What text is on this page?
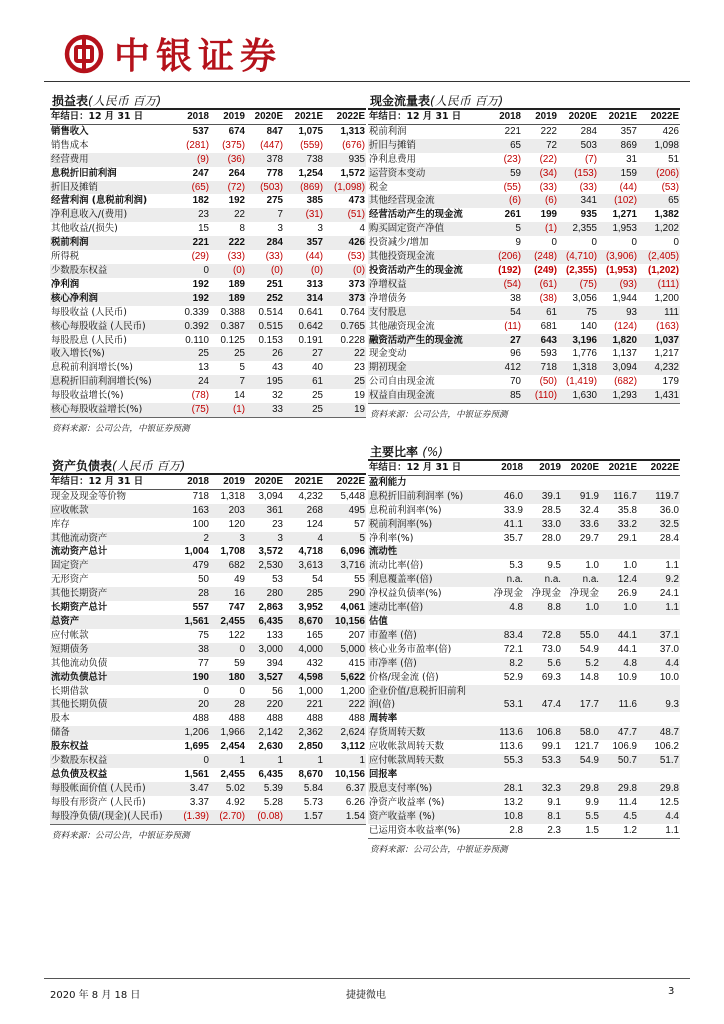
中银证券
损益表(人民币 百万)
年结日：12 月 31 日	2018	2019	2020E	2021E	2022E
销售收入	537	674	847	1,075	1,313
销售成本	(281)	(375)	(447)	(559)	(676)
经营费用	(9)	(36)	378	738	935
息税折旧前利润	247	264	778	1,254	1,572
折旧及摊销	(65)	(72)	(503)	(869)	(1,098)
经营利润 (息税前利润)	182	192	275	385	473
净利息收入/(费用)	23	22	7	(31)	(51)
其他收益/(损失)	15	8	3	3	4
税前利润	221	222	284	357	426
所得税	(29)	(33)	(33)	(44)	(53)
少数股东权益	0	(0)	(0)	(0)	(0)
净利润	192	189	251	313	373
核心净利润	192	189	252	314	373
每股收益 (人民币)	0.339	0.388	0.514	0.641	0.764
核心每股收益 (人民币)	0.392	0.387	0.515	0.642	0.765
每股股息 (人民币)	0.110	0.125	0.153	0.191	0.228
收入增长(%)	25	25	26	27	22
息税前利润增长(%)	13	5	43	40	23
息税折旧前利润增长(%)	24	7	195	61	25
每股收益增长(%)	(78)	14	32	25	19
核心每股收益增长(%)	(75)	(1)	33	25	19
资料来源：公司公告，中银证券预测
资产负债表(人民币 百万)
年结日：12 月 31 日	2018	2019	2020E	2021E	2022E
现金及现金等价物	718	1,318	3,094	4,232	5,448
应收帐款	163	203	361	268	495
库存	100	120	23	124	57
其他流动资产	2	3	3	4	5
流动资产总计	1,004	1,708	3,572	4,718	6,096
固定资产	479	682	2,530	3,613	3,716
无形资产	50	49	53	54	55
其他长期资产	28	16	280	285	290
长期资产总计	557	747	2,863	3,952	4,061
总资产	1,561	2,455	6,435	8,670	10,156
应付帐款	75	122	133	165	207
短期债务	38	0	3,000	4,000	5,000
其他流动负债	77	59	394	432	415
流动负债总计	190	180	3,527	4,598	5,622
长期借款	0	0	56	1,000	1,200
其他长期负债	20	28	220	221	222
股本	488	488	488	488	488
储备	1,206	1,966	2,142	2,362	2,624
股东权益	1,695	2,454	2,630	2,850	3,112
少数股东权益	0	1	1	1	1
总负债及权益	1,561	2,455	6,435	8,670	10,156
每股帐面价值 (人民币)	3.47	5.02	5.39	5.84	6.37
每股有形资产 (人民币)	3.37	4.92	5.28	5.73	6.26
每股净负债/(现金)(人民币)	(1.39)	(2.70)	(0.08)	1.57	1.54
资料来源：公司公告，中银证券预测
现金流量表(人民币 百万)
年结日：12 月 31 日	2018	2019	2020E	2021E	2022E
税前利润	221	222	284	357	426
折旧与摊销	65	72	503	869	1,098
净利息费用	(23)	(22)	(7)	31	51
运营资本变动	59	(34)	(153)	159	(206)
税金	(55)	(33)	(33)	(44)	(53)
其他经营现金流	(6)	(6)	341	(102)	65
经营活动产生的现金流	261	199	935	1,271	1,382
购买固定资产净值	5	(1)	2,355	1,953	1,202
投资减少/增加	9	0	0	0	0
其他投资现金流	(206)	(248)	(4,710)	(3,906)	(2,405)
投资活动产生的现金流	(192)	(249)	(2,355)	(1,953)	(1,202)
净增权益	(54)	(61)	(75)	(93)	(111)
净增债务	38	(38)	3,056	1,944	1,200
支付股息	54	61	75	93	111
其他融资现金流	(11)	681	140	(124)	(163)
融资活动产生的现金流	27	643	3,196	1,820	1,037
现金变动	96	593	1,776	1,137	1,217
期初现金	412	718	1,318	3,094	4,232
公司自由现金流	70	(50)	(1,419)	(682)	179
权益自由现金流	85	(110)	1,630	1,293	1,431
资料来源：公司公告，中银证券预测
主要比率 (%)
年结日：12 月 31 日	2018	2019	2020E	2021E	2022E
盈利能力					
息税折旧前利润率 (%)	46.0	39.1	91.9	116.7	119.7
息税前利润率(%)	33.9	28.5	32.4	35.8	36.0
税前利润率(%)	41.1	33.0	33.6	33.2	32.5
净利率(%)	35.7	28.0	29.7	29.1	28.4
流动性					
流动比率(倍)	5.3	9.5	1.0	1.0	1.1
利息覆盖率(倍)	n.a.	n.a.	n.a.	12.4	9.2
净权益负债率(%)	净现金	净现金	净现金	26.9	24.1
速动比率(倍)	4.8	8.8	1.0	1.0	1.1
估值					
市盈率 (倍)	83.4	72.8	55.0	44.1	37.1
核心业务市盈率(倍)	72.1	73.0	54.9	44.1	37.0
市净率 (倍)	8.2	5.6	5.2	4.8	4.4
价格/现金流 (倍)	52.9	69.3	14.8	10.9	10.0
企业价值/息税折旧前利					
润(倍)	53.1	47.4	17.7	11.6	9.3
周转率					
存货周转天数	113.6	106.8	58.0	47.7	48.7
应收帐款周转天数	113.6	99.1	121.7	106.9	106.2
应付帐款周转天数	55.3	53.3	54.9	50.7	51.7
回报率					
股息支付率(%)	28.1	32.3	29.8	29.8	29.8
净资产收益率 (%)	13.2	9.1	9.9	11.4	12.5
资产收益率 (%)	10.8	8.1	5.5	4.5	4.4
已运用资本收益率(%)	2.8	2.3	1.5	1.2	1.1
资料来源：公司公告，中银证券预测
2020 年 8 月 18 日	捷捷微电	3
